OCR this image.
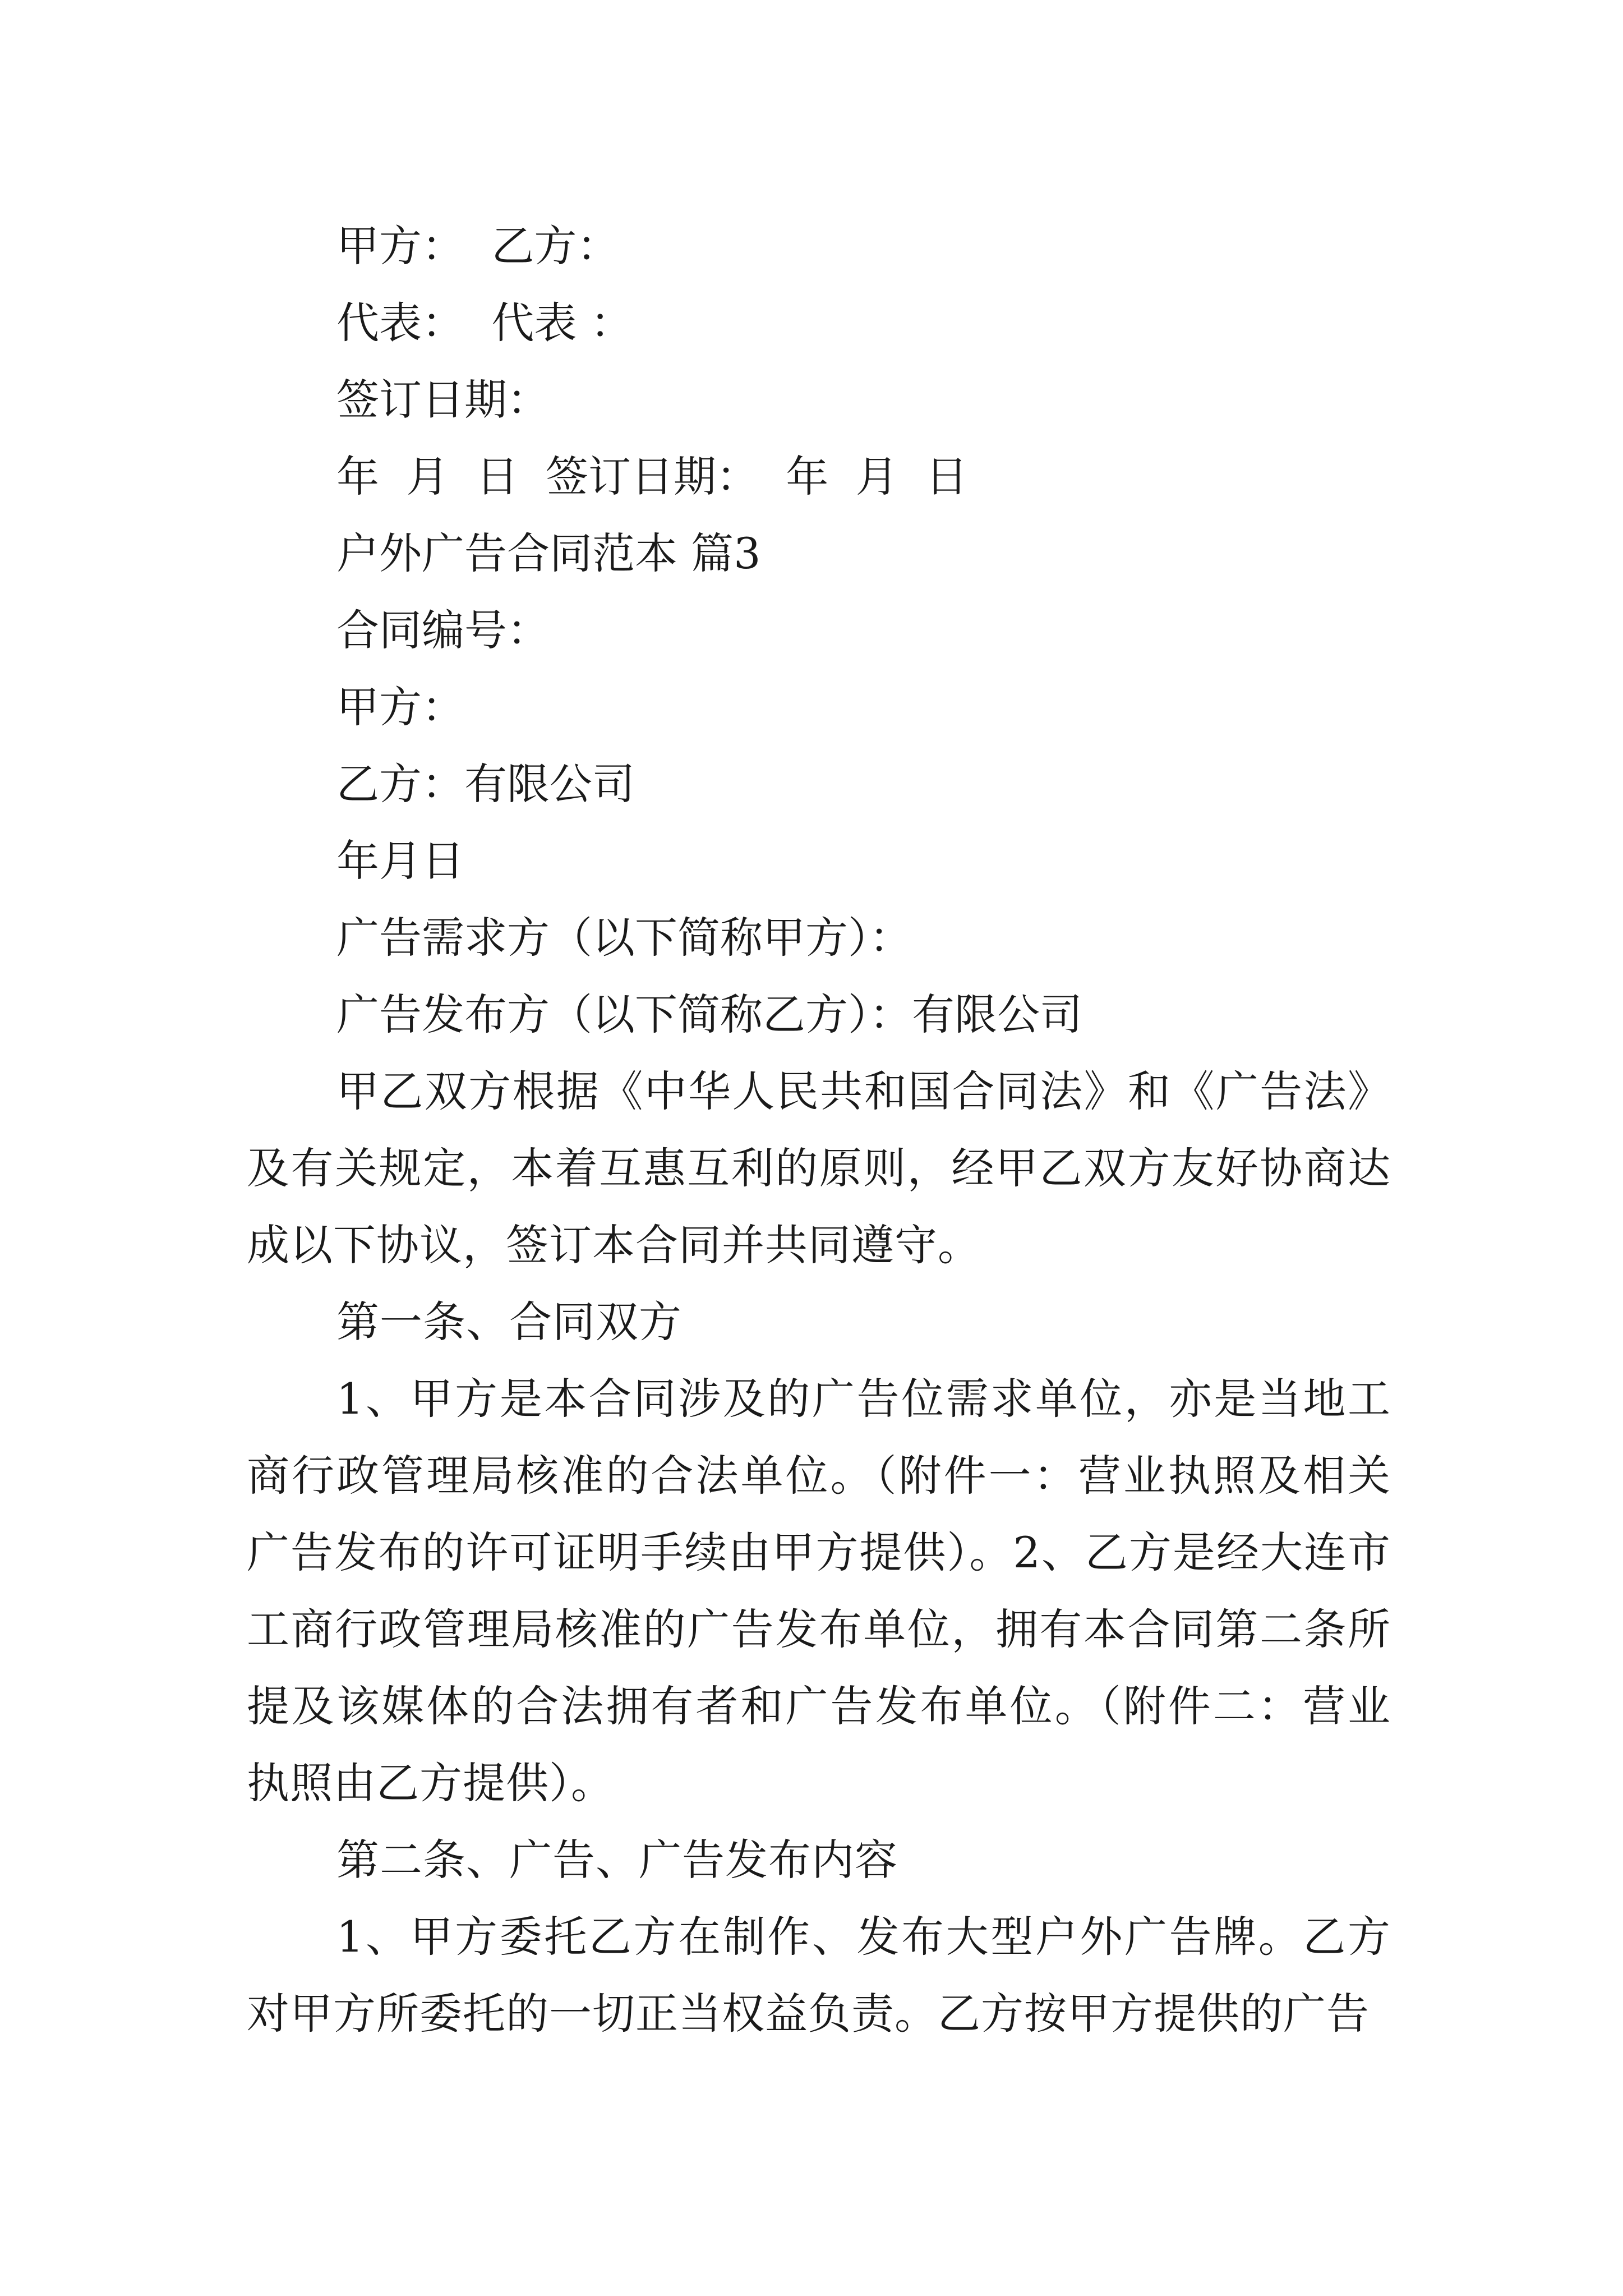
甲方：  乙方：

代表：  代表 ：

签订日期：

年  月  日  签订日期：  年  月  日

户外广告合同范本 篇3

合同编号：

甲方：

乙方：有限公司

年月日

广告需求方（以下简称甲方）：

广告发布方（以下简称乙方）：有限公司

甲乙双方根据《中华人民共和国合同法》和《广告法》及有关规定，本着互惠互利的原则，经甲乙双方友好协商达成以下协议，签订本合同并共同遵守。

第一条、合同双方

1、甲方是本合同涉及的广告位需求单位，亦是当地工商行政管理局核准的合法单位。（附件一：营业执照及相关广告发布的许可证明手续由甲方提供）。2、乙方是经大连市工商行政管理局核准的广告发布单位，拥有本合同第二条所提及该媒体的合法拥有者和广告发布单位。（附件二：营业执照由乙方提供）。

第二条、广告、广告发布内容

1、甲方委托乙方在制作、发布大型户外广告牌。乙方对甲方所委托的一切正当权益负责。乙方按甲方提供的广告
